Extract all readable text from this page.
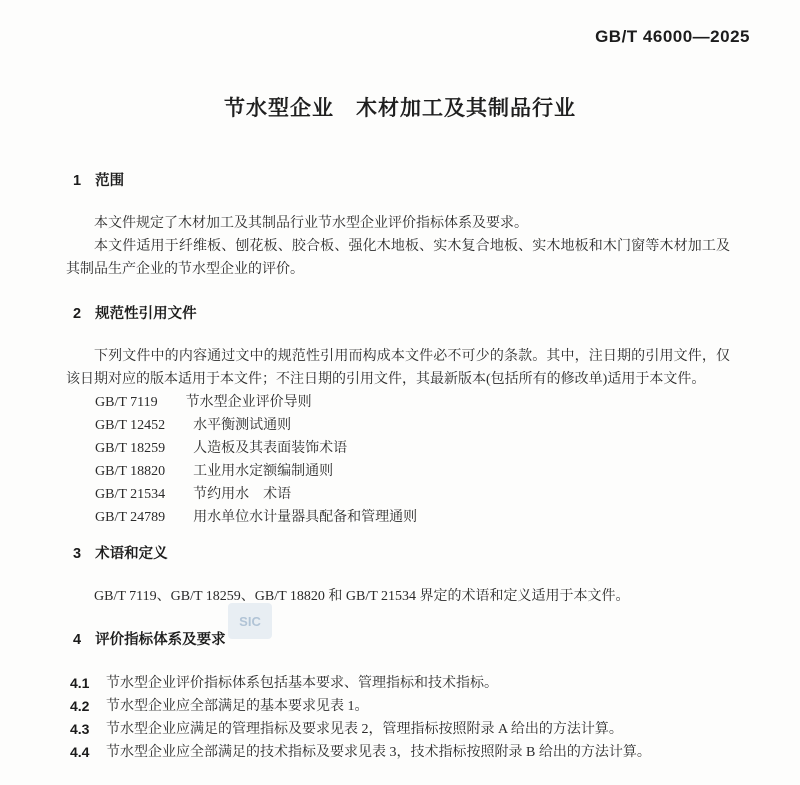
GB/T 46000—2025
节水型企业　木材加工及其制品行业
SIC
1 范围

本文件规定了木材加工及其制品行业节水型企业评价指标体系及要求。

本文件适用于纤维板、刨花板、胶合板、强化木地板、实木复合地板、实木地板和木门窗等木材加工及其制品生产企业的节水型企业的评价。

2 规范性引用文件

下列文件中的内容通过文中的规范性引用而构成本文件必不可少的条款。其中，注日期的引用文件，仅该日期对应的版本适用于本文件；不注日期的引用文件，其最新版本(包括所有的修改单)适用于本文件。

GB/T 7119 节水型企业评价导则
GB/T 12452 水平衡测试通则
GB/T 18259 人造板及其表面装饰术语
GB/T 18820 工业用水定额编制通则
GB/T 21534 节约用水　术语
GB/T 24789 用水单位水计量器具配备和管理通则
3 术语和定义

GB/T 7119、GB/T 18259、GB/T 18820 和 GB/T 21534 界定的术语和定义适用于本文件。

4 评价指标体系及要求
4.1	节水型企业评价指标体系包括基本要求、管理指标和技术指标。
4.2	节水型企业应全部满足的基本要求见表 1。
4.3	节水型企业应满足的管理指标及要求见表 2，管理指标按照附录 A 给出的方法计算。
4.4	节水型企业应全部满足的技术指标及要求见表 3，技术指标按照附录 B 给出的方法计算。
